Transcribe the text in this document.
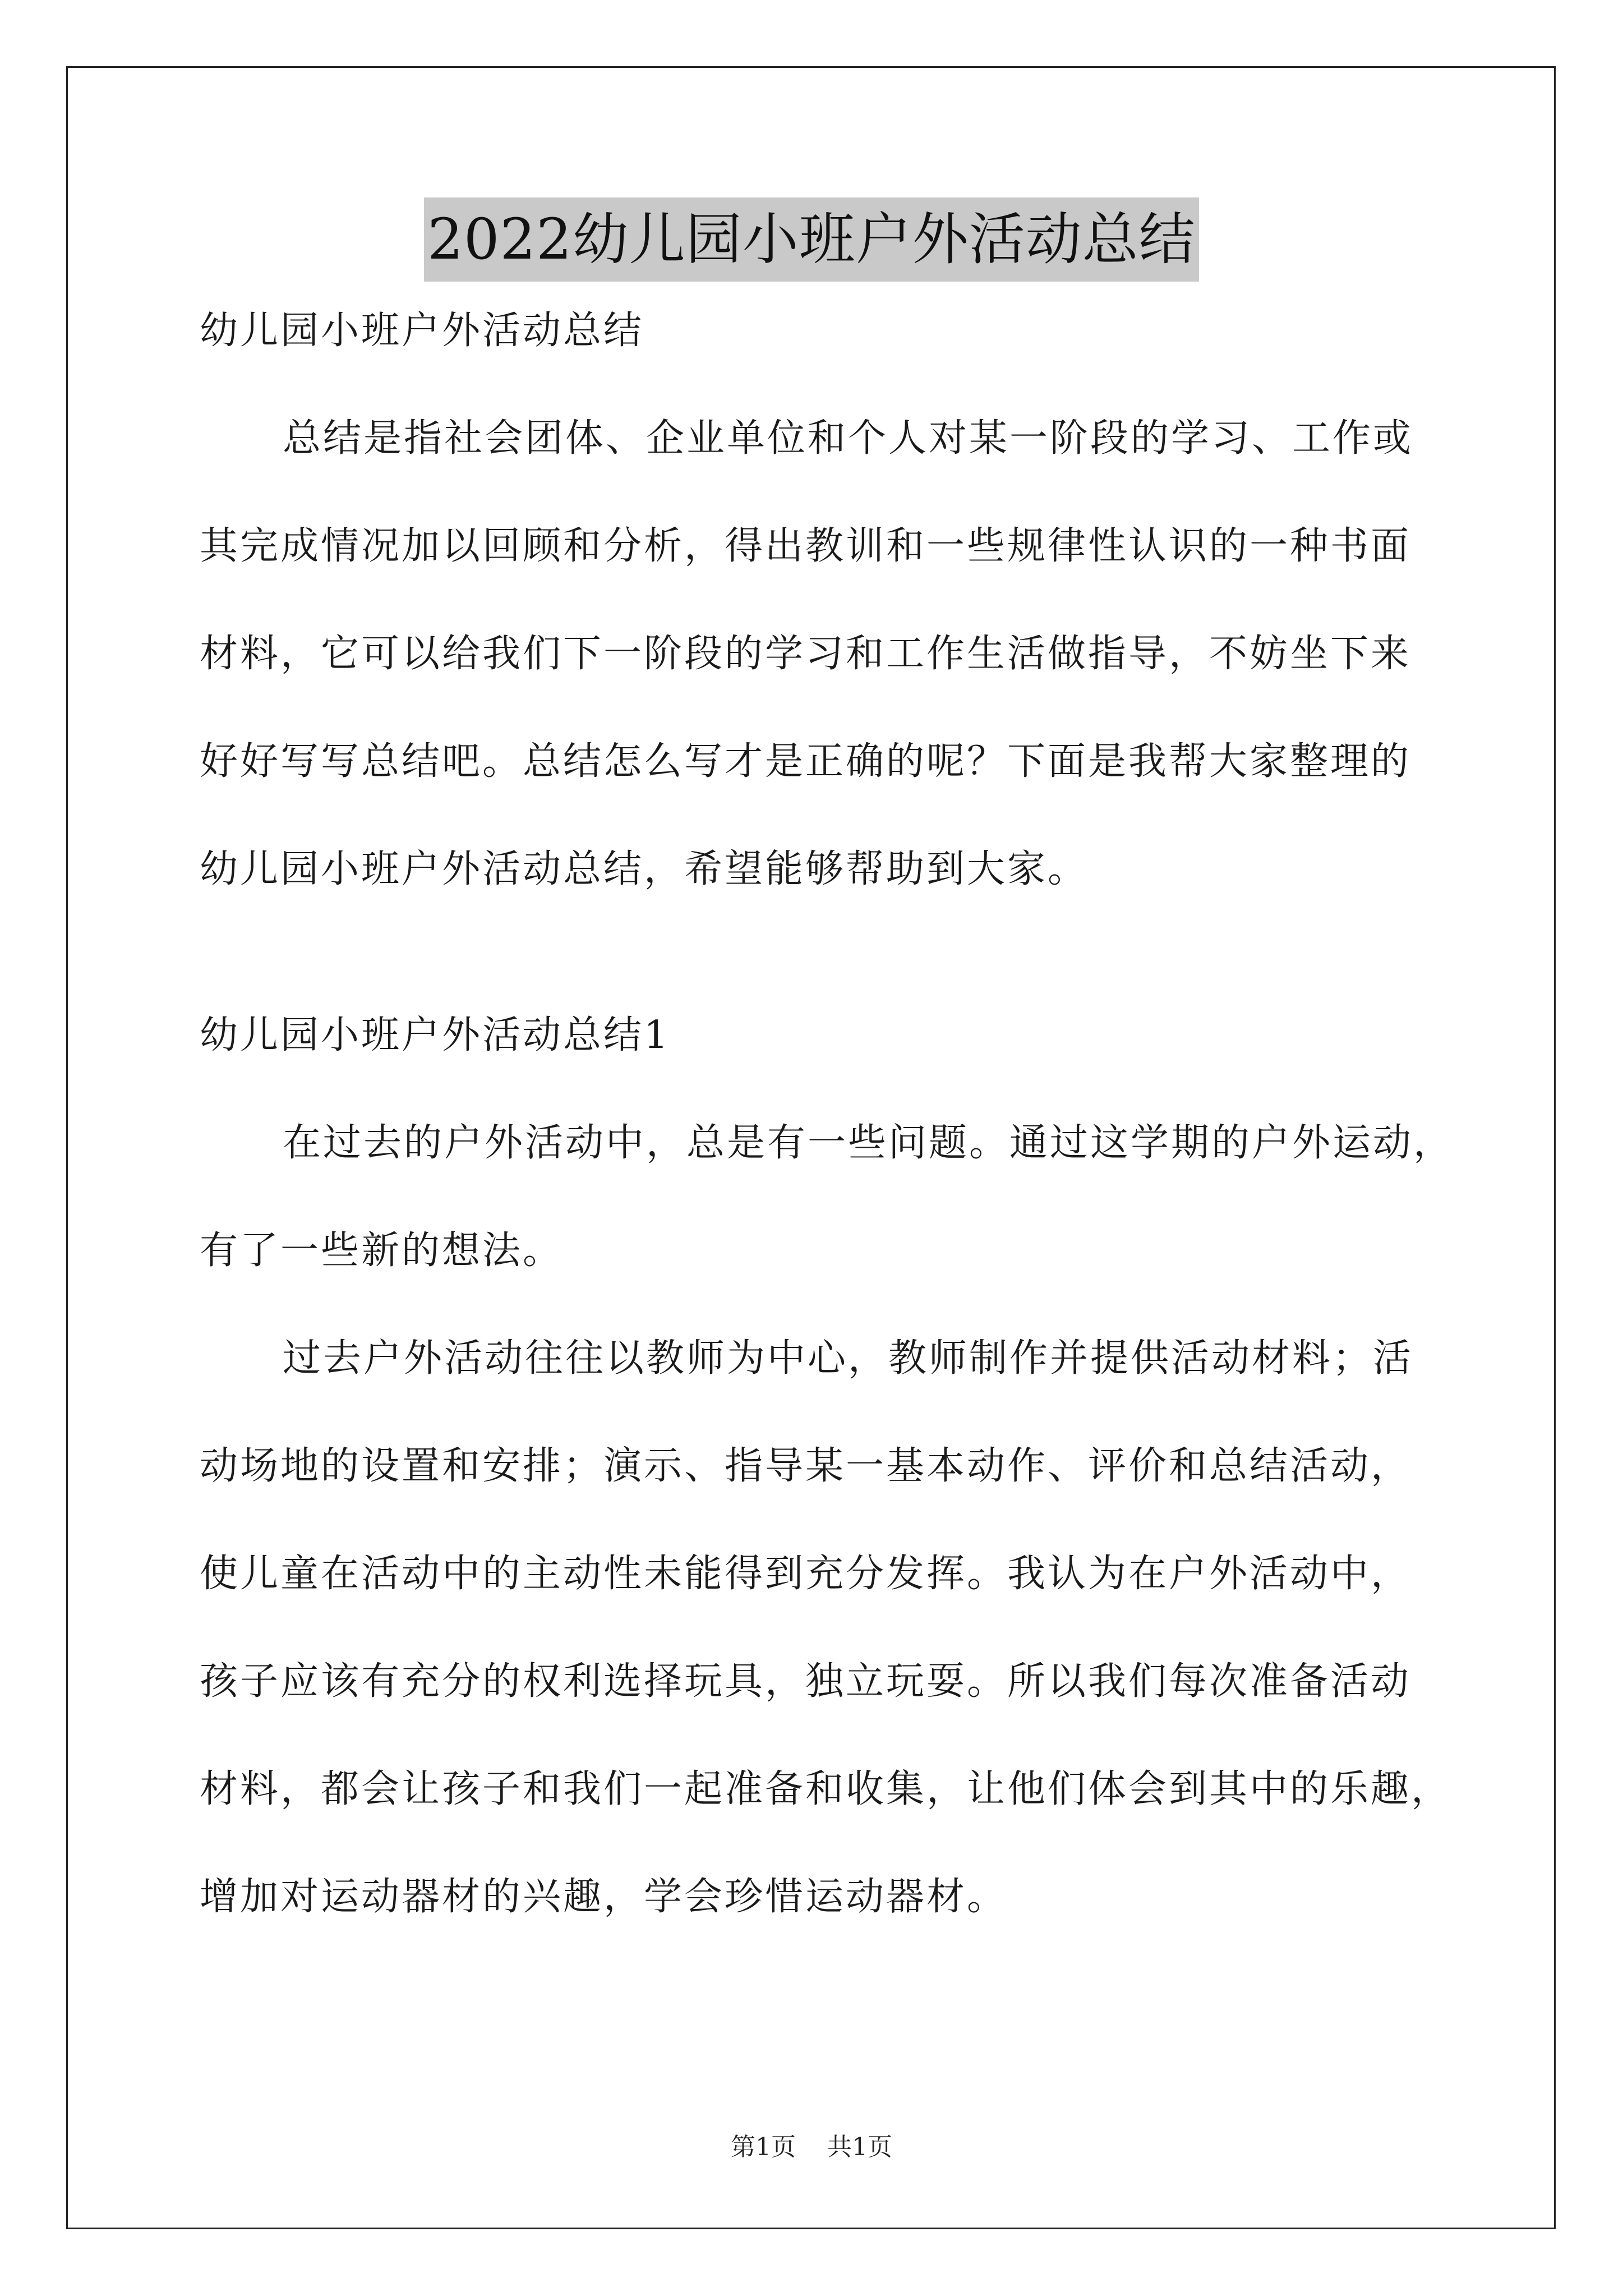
2022幼儿园小班户外活动总结
幼儿园小班户外活动总结
总结是指社会团体、企业单位和个人对某一阶段的学习、工作或
其完成情况加以回顾和分析，得出教训和一些规律性认识的一种书面
材料，它可以给我们下一阶段的学习和工作生活做指导，不妨坐下来
好好写写总结吧。总结怎么写才是正确的呢？下面是我帮大家整理的
幼儿园小班户外活动总结，希望能够帮助到大家。
幼儿园小班户外活动总结1
在过去的户外活动中，总是有一些问题。通过这学期的户外运动，
有了一些新的想法。
过去户外活动往往以教师为中心，教师制作并提供活动材料；活
动场地的设置和安排；演示、指导某一基本动作、评价和总结活动，
使儿童在活动中的主动性未能得到充分发挥。我认为在户外活动中，
孩子应该有充分的权利选择玩具，独立玩耍。所以我们每次准备活动
材料，都会让孩子和我们一起准备和收集，让他们体会到其中的乐趣，
增加对运动器材的兴趣，学会珍惜运动器材。
第1页 共1页
